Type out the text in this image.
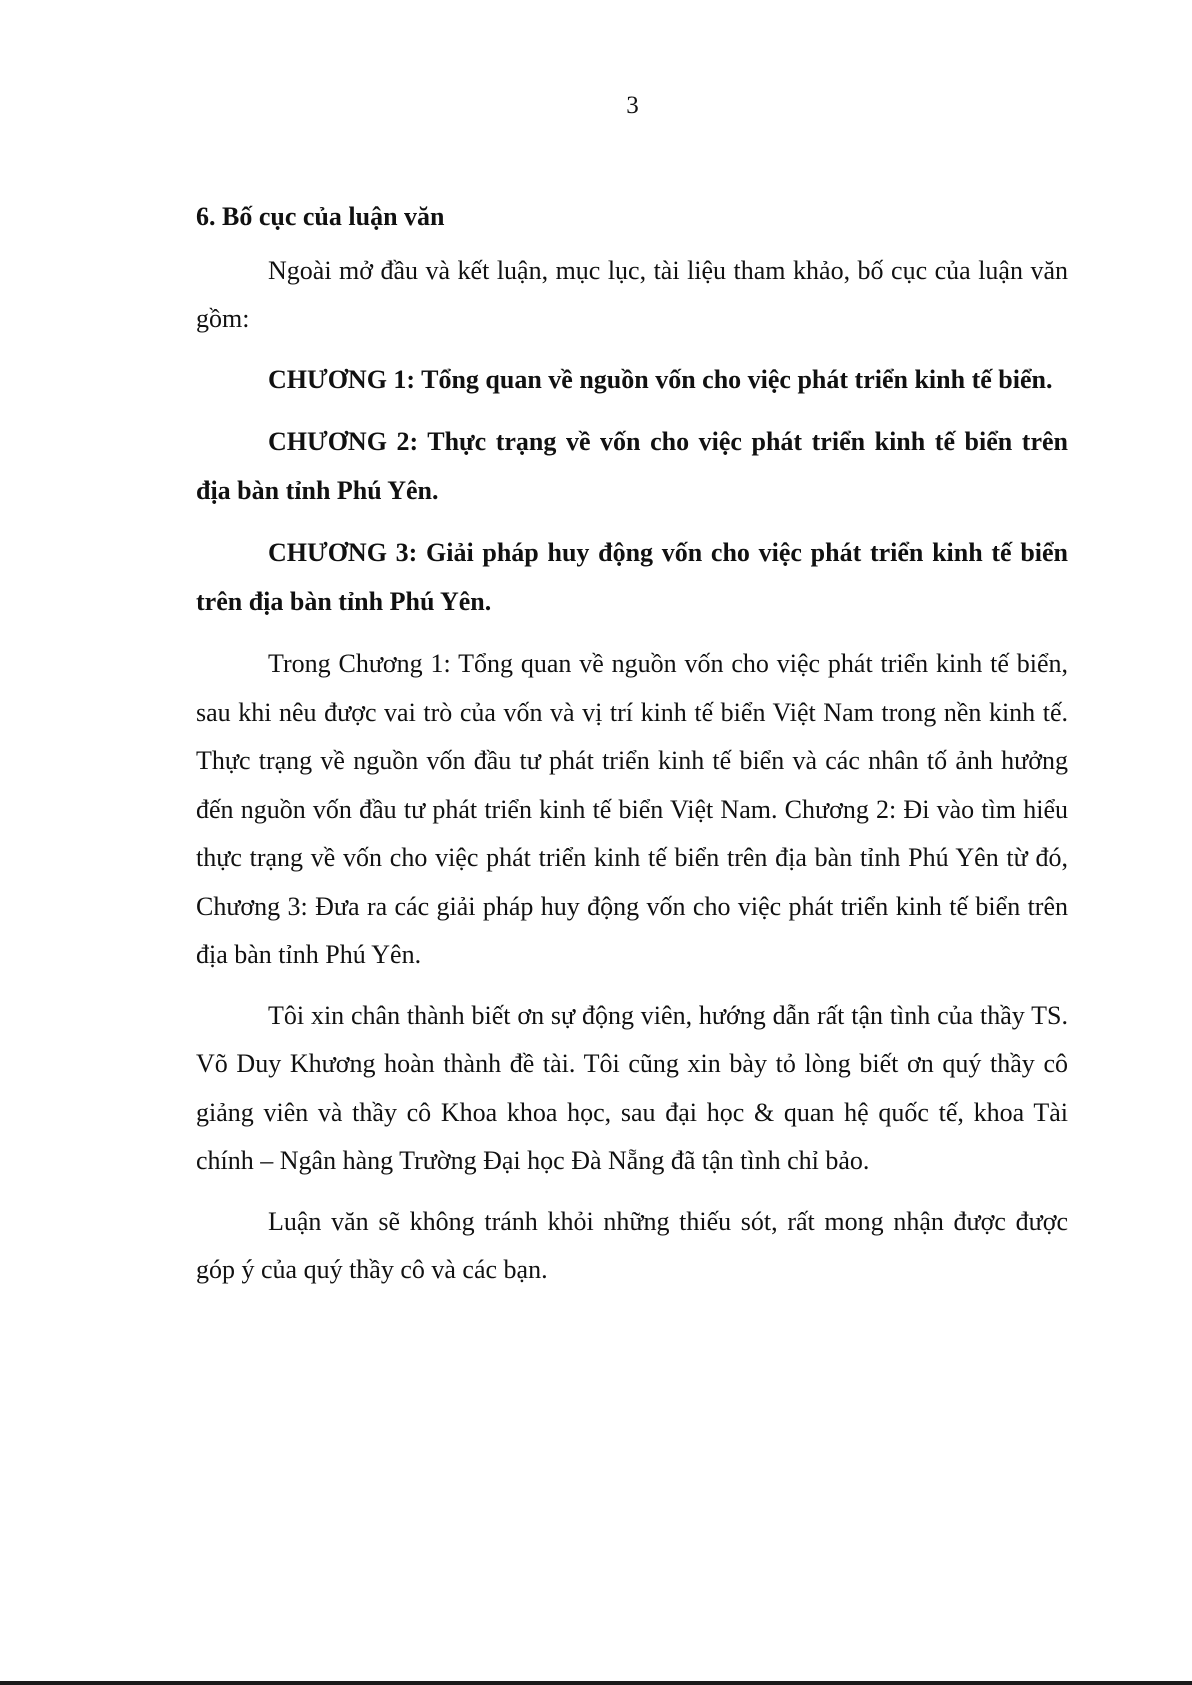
3
6. Bố cục của luận văn

Ngoài mở đầu và kết luận, mục lục, tài liệu tham khảo, bố cục của luận văn gồm:

CHƯƠNG 1: Tổng quan về nguồn vốn cho việc phát triển kinh tế biển.

CHƯƠNG 2: Thực trạng về vốn cho việc phát triển kinh tế biển trên địa bàn tỉnh Phú Yên.

CHƯƠNG 3: Giải pháp huy động vốn cho việc phát triển kinh tế biển trên địa bàn tỉnh Phú Yên.

Trong Chương 1: Tổng quan về nguồn vốn cho việc phát triển kinh tế biển, sau khi nêu được vai trò của vốn và vị trí kinh tế biển Việt Nam trong nền kinh tế. Thực trạng về nguồn vốn đầu tư phát triển kinh tế biển và các nhân tố ảnh hưởng đến nguồn vốn đầu tư phát triển kinh tế biển Việt Nam. Chương 2: Đi vào tìm hiểu thực trạng về vốn cho việc phát triển kinh tế biển trên địa bàn tỉnh Phú Yên từ đó, Chương 3: Đưa ra các giải pháp huy động vốn cho việc phát triển kinh tế biển trên địa bàn tỉnh Phú Yên.

Tôi xin chân thành biết ơn sự động viên, hướng dẫn rất tận tình của thầy TS. Võ Duy Khương hoàn thành đề tài. Tôi cũng xin bày tỏ lòng biết ơn quý thầy cô giảng viên và thầy cô Khoa khoa học, sau đại học & quan hệ quốc tế, khoa Tài chính – Ngân hàng Trường Đại học Đà Nẵng đã tận tình chỉ bảo.

Luận văn sẽ không tránh khỏi những thiếu sót, rất mong nhận được được góp ý của quý thầy cô và các bạn.
